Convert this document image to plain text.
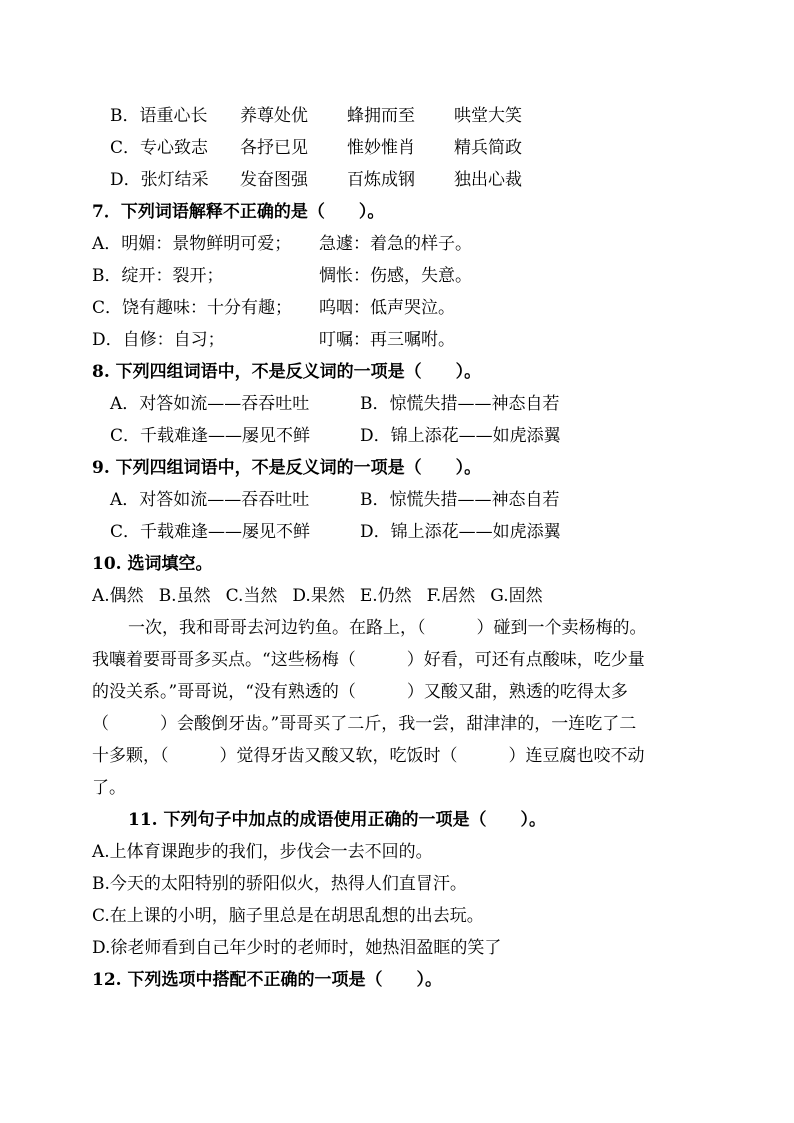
B．语重心长 养尊处优 蜂拥而至 哄堂大笑
C．专心致志 各抒已见 惟妙惟肖 精兵简政
D．张灯结采 发奋图强 百炼成钢 独出心裁
7．下列词语解释不正确的是（　　）。
A．明媚：景物鲜明可爱； 急遽：着急的样子。
B．绽开：裂开；	惆怅：伤感，失意。
C．饶有趣味：十分有趣； 呜咽：低声哭泣。
D．自修：自习；	叮嘱：再三嘱咐。
8. 下列四组词语中，不是反义词的一项是（　　）。
A．对答如流——吞吞吐吐	B．惊慌失措——神态自若
C．千载难逢——屡见不鲜	D．锦上添花——如虎添翼
9. 下列四组词语中，不是反义词的一项是（　　）。
A．对答如流——吞吞吐吐	B．惊慌失措——神态自若
C．千载难逢——屡见不鲜	D．锦上添花——如虎添翼
10. 选词填空。
A.偶然 B.虽然 C.当然 D.果然 E.仍然 F.居然 G.固然
一次，我和哥哥去河边钓鱼。在路上，（　　　）碰到一个卖杨梅的。
我嚷着要哥哥多买点。“这些杨梅（　　　）好看，可还有点酸味，吃少量
的没关系。”哥哥说，“没有熟透的（　　　）又酸又甜，熟透的吃得太多
（　　　）会酸倒牙齿。”哥哥买了二斤，我一尝，甜津津的，一连吃了二
十多颗，（　　　）觉得牙齿又酸又软，吃饭时（　　　）连豆腐也咬不动
了。
11. 下列句子中加点的成语使用正确的一项是（　　）。
A.上体育课跑步的我们，步伐会一去不回的。
B.今天的太阳特别的骄阳似火，热得人们直冒汗。
C.在上课的小明，脑子里总是在胡思乱想的出去玩。
D.徐老师看到自己年少时的老师时，她热泪盈眶的笑了
12. 下列选项中搭配不正确的一项是（　　）。
